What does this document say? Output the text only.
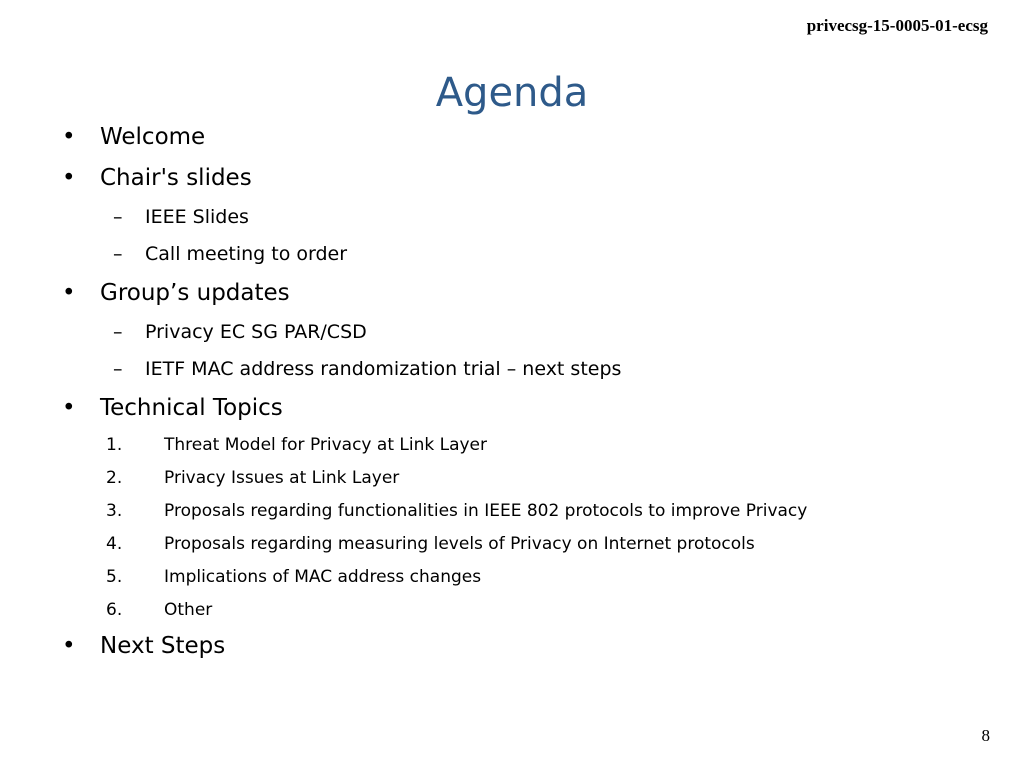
privecsg-15-0005-01-ecsg
Agenda
• Welcome
• Chair's slides
– IEEE Slides
– Call meeting to order
• Group’s updates
– Privacy EC SG PAR/CSD
– IETF MAC address randomization trial – next steps
• Technical Topics
1. Threat Model for Privacy at Link Layer
2. Privacy Issues at Link Layer
3. Proposals regarding functionalities in IEEE 802 protocols to improve Privacy
4. Proposals regarding measuring levels of Privacy on Internet protocols
5. Implications of MAC address changes
6. Other
• Next Steps
8
